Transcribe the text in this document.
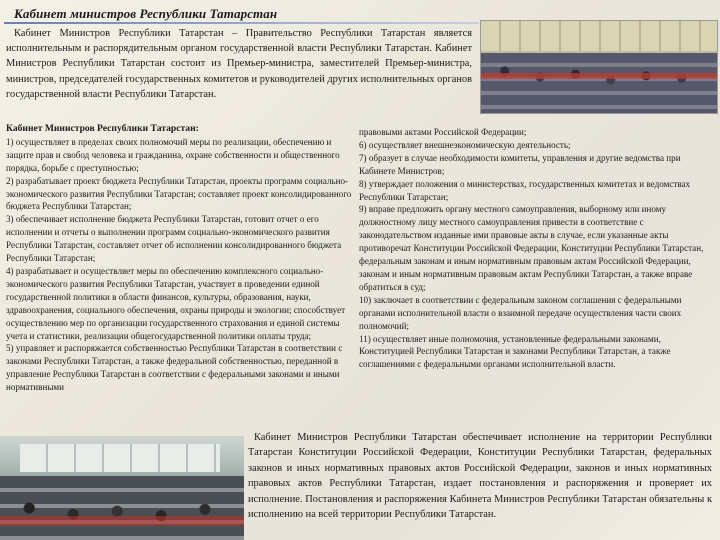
Кабинет министров Республики Татарстан

Кабинет Министров Республики Татарстан – Правительство Республики Татарстан является исполнительным и распорядительным органом государственной власти Республики Татарстан. Кабинет Министров Республики Татарстан состоит из Премьер-министра, заместителей Премьер-министра, министров, председателей государственных комитетов и руководителей других исполнительных органов государственной власти Республики Татарстан.

Кабинет Министров Республики Татарстан:

1) осуществляет в пределах своих полномочий меры по реализации, обеспечению и защите прав и свобод человека и гражданина, охране собственности и общественного порядка, борьбе с преступностью;

2) разрабатывает проект бюджета Республики Татарстан, проекты программ социально-экономического развития Республики Татарстан; составляет проект консолидированного бюджета Республики Татарстан;

3) обеспечивает исполнение бюджета Республики Татарстан, готовит отчет о его исполнении и отчеты о выполнении программ социально-экономического развития Республики Татарстан, составляет отчет об исполнении консолидированного бюджета Республики Татарстан;

4) разрабатывает и осуществляет меры по обеспечению комплексного социально-экономического развития Республики Татарстан, участвует в проведении единой государственной политики в области финансов, культуры, образования, науки, здравоохранения, социального обеспечения, охраны природы и экологии; способствует осуществлению мер по организации государственного страхования и единой системы учета и статистики, реализации общегосударственной политики оплаты труда;

5) управляет и распоряжается собственностью Республики Татарстан в соответствии с законами Республики Татарстан, а также федеральной собственностью, переданной в управление Республики Татарстан в соответствии с федеральными законами и иными нормативными

правовыми актами Российской Федерации;

6) осуществляет внешнеэкономическую деятельность;

7) образует в случае необходимости комитеты, управления и другие ведомства при Кабинете Министров;

8) утверждает положения о министерствах, государственных комитетах и ведомствах Республики Татарстан;

9) вправе предложить органу местного самоуправления, выборному или иному должностному лицу местного самоуправления привести в соответствие с законодательством изданные ими правовые акты в случае, если указанные акты противоречат Конституции Российской Федерации, Конституции Республики Татарстан, федеральным законам и иным нормативным правовым актам Российской Федерации, законам и иным нормативным правовым актам Республики Татарстан, а также вправе обратиться в суд;

10) заключает в соответствии с федеральным законом соглашения с федеральными органами исполнительной власти о взаимной передаче осуществления части своих полномочий;

11) осуществляет иные полномочия, установленные федеральными законами, Конституцией Республики Татарстан и законами Республики Татарстан, а также соглашениями с федеральными органами исполнительной власти.

Кабинет Министров Республики Татарстан обеспечивает исполнение на территории Республики Татарстан Конституции Российской Федерации, Конституции Республики Татарстан, федеральных законов и иных нормативных правовых актов Российской Федерации, законов и иных нормативных правовых актов Республики Татарстан, издает постановления и распоряжения и проверяет их исполнение. Постановления и распоряжения Кабинета Министров Республики Татарстан обязательны к исполнению на всей территории Республики Татарстан.
